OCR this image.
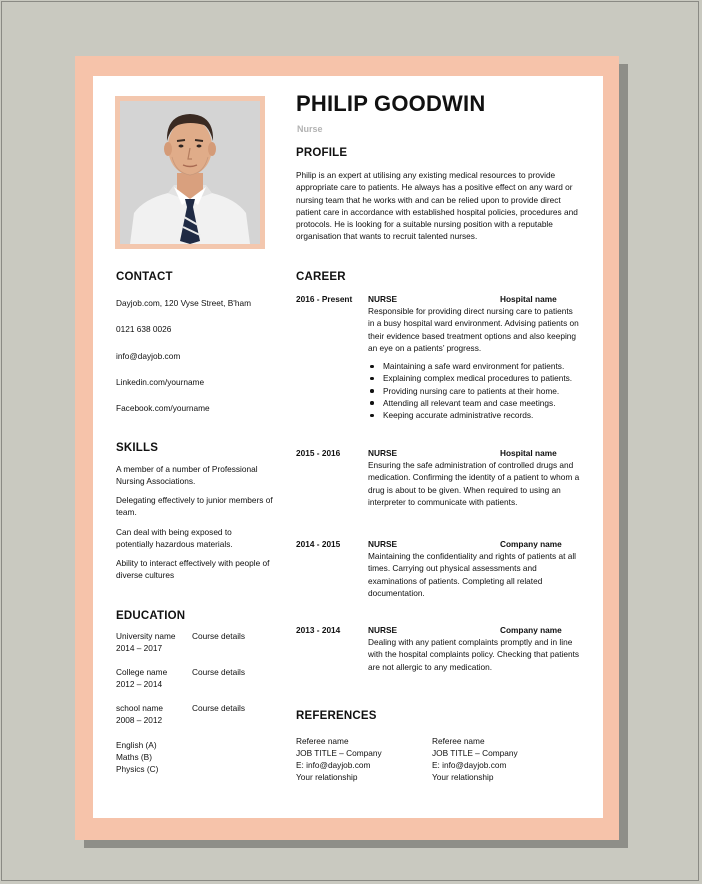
PHILIP GOODWIN
Nurse
PROFILE
Philip is an expert at utilising any existing medical resources to provide appropriate care to patients. He always has a positive effect on any ward or nursing team that he works with and can be relied upon to provide direct patient care in accordance with established hospital policies, procedures and protocols. He is looking for a suitable nursing position with a reputable organisation that wants to recruit talented nurses.
CONTACT
Dayjob.com, 120 Vyse Street, B'ham
0121 638 0026
info@dayjob.com
Linkedin.com/yourname
Facebook.com/yourname
SKILLS
A member of a number of Professional Nursing Associations.
Delegating effectively to junior members of team.
Can deal with being exposed to potentially hazardous materials.
Ability to interact effectively with people of diverse cultures
EDUCATION
University name
2014 – 2017
Course details
College name
2012 – 2014
Course details
school name
2008 – 2012
Course details
English (A)
Maths (B)
Physics (C)
CAREER
2016 - Present NURSE	Hospital name
Responsible for providing direct nursing care to patients in a busy hospital ward environment. Advising patients on their evidence based treatment options and also keeping an eye on a patients’ progress.
Maintaining a safe ward environment for patients.
Explaining complex medical procedures to patients.
Providing nursing care to patients at their home.
Attending all relevant team and case meetings.
Keeping accurate administrative records.
2015 - 2016	NURSE	Hospital name
Ensuring the safe administration of controlled drugs and medication. Confirming the identity of a patient to whom a drug is about to be given. When required to using an interpreter to communicate with patients.
2014 - 2015	NURSE	Company name
Maintaining the confidentiality and rights of patients at all times. Carrying out physical assessments and examinations of patients. Completing all related documentation.
2013 - 2014	NURSE	Company name
Dealing with any patient complaints promptly and in line with the hospital complaints policy. Checking that patients are not allergic to any medication.
REFERENCES
Referee name
JOB TITLE – Company
E: info@dayjob.com
Your relationship
Referee name
JOB TITLE – Company
E: info@dayjob.com
Your relationship
